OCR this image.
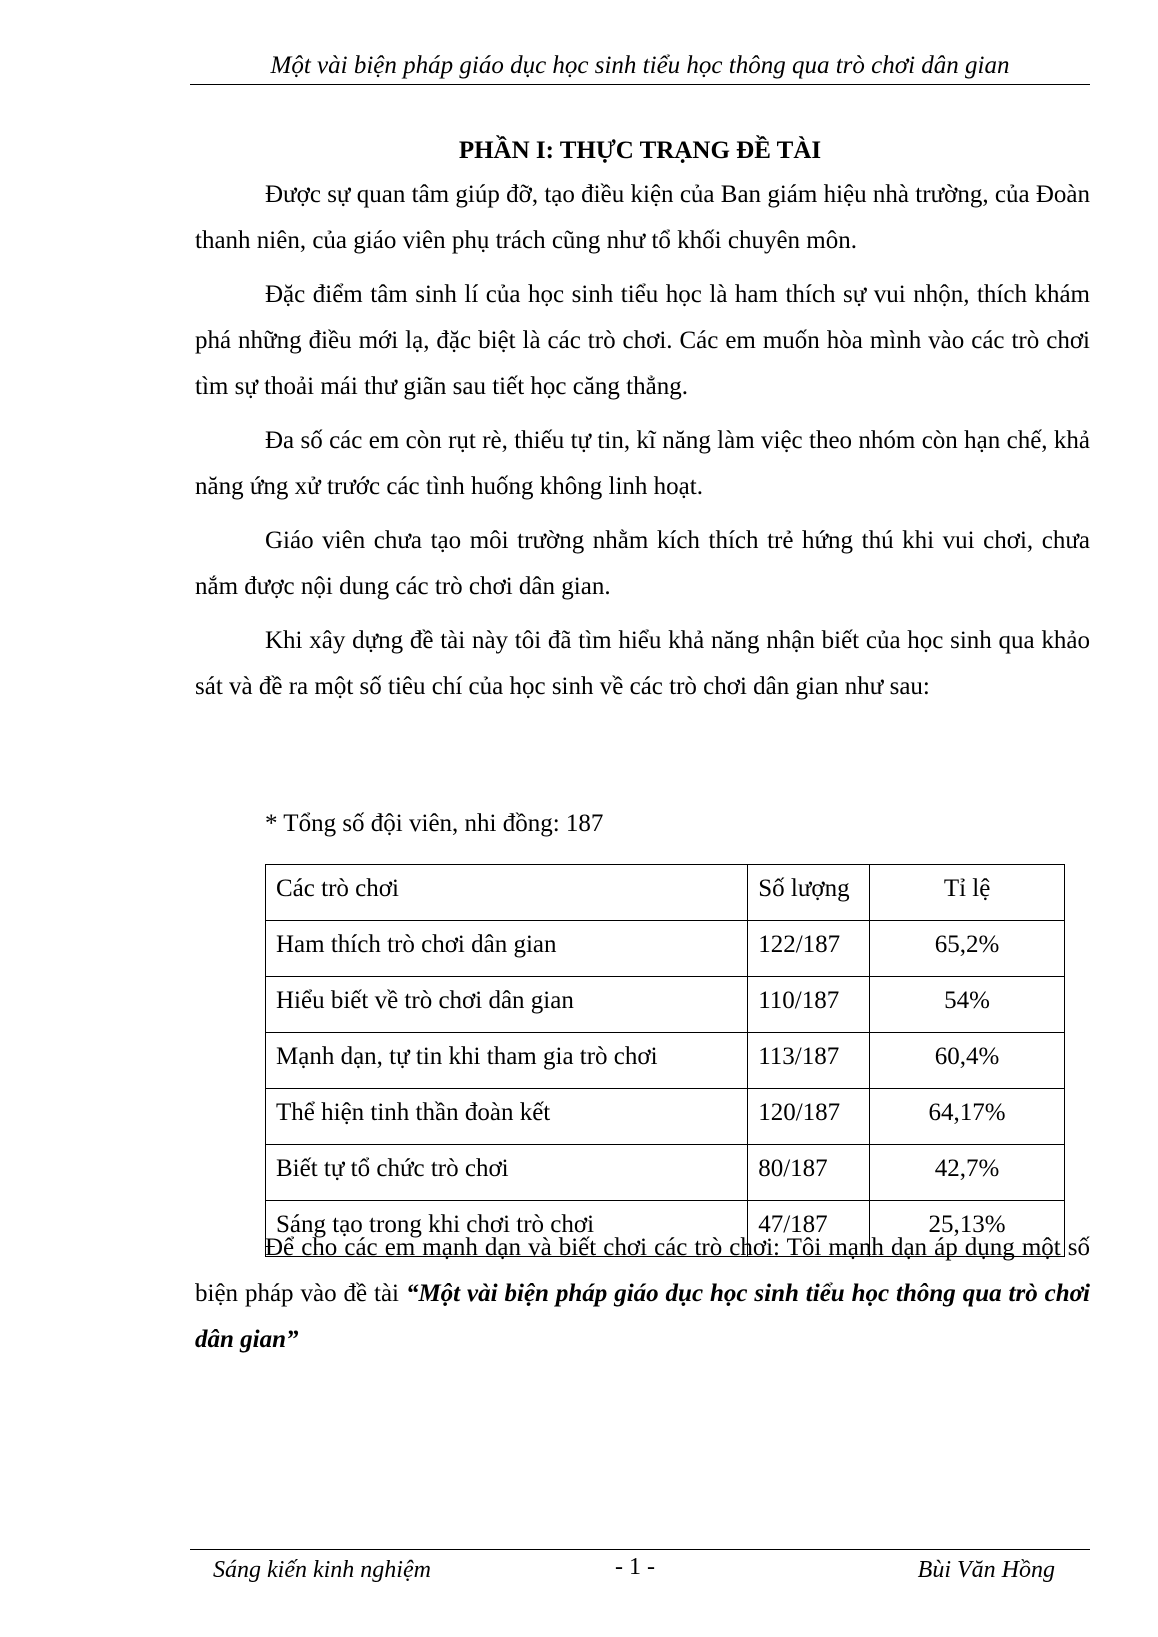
Một vài biện pháp giáo dục học sinh tiểu học thông qua trò chơi dân gian
PHẦN I: THỰC TRẠNG ĐỀ TÀI

Được sự quan tâm giúp đỡ, tạo điều kiện của Ban giám hiệu nhà trường, của Đoàn thanh niên, của giáo viên phụ trách cũng như tổ khối chuyên môn.

Đặc điểm tâm sinh lí của học sinh tiểu học là ham thích sự vui nhộn, thích khám phá những điều mới lạ, đặc biệt là các trò chơi. Các em muốn hòa mình vào các trò chơi tìm sự thoải mái thư giãn sau tiết học căng thẳng.

Đa số các em còn rụt rè, thiếu tự tin, kĩ năng làm việc theo nhóm còn hạn chế, khả năng ứng xử trước các tình huống không linh hoạt.

Giáo viên chưa tạo môi trường nhằm kích thích trẻ hứng thú khi vui chơi, chưa nắm được nội dung các trò chơi dân gian.

Khi xây dựng đề tài này tôi đã tìm hiểu khả năng nhận biết của học sinh qua khảo sát và đề ra một số tiêu chí của học sinh về các trò chơi dân gian như sau:

* Tổng số đội viên, nhi đồng: 187
Các trò chơi	Số lượng	Tỉ lệ
Ham thích trò chơi dân gian	122/187	65,2%
Hiểu biết về trò chơi dân gian	110/187	54%
Mạnh dạn, tự tin khi tham gia trò chơi	113/187	60,4%
Thể hiện tinh thần đoàn kết	120/187	64,17%
Biết tự tổ chức trò chơi	80/187	42,7%
Sáng tạo trong khi chơi trò chơi	47/187	25,13%

Để cho các em mạnh dạn và biết chơi các trò chơi: Tôi mạnh dạn áp dụng một số biện pháp vào đề tài “Một vài biện pháp giáo dục học sinh tiểu học thông qua trò chơi dân gian”

Sáng kiến kinh nghiệm	- 1 -	Bùi Văn Hồng
